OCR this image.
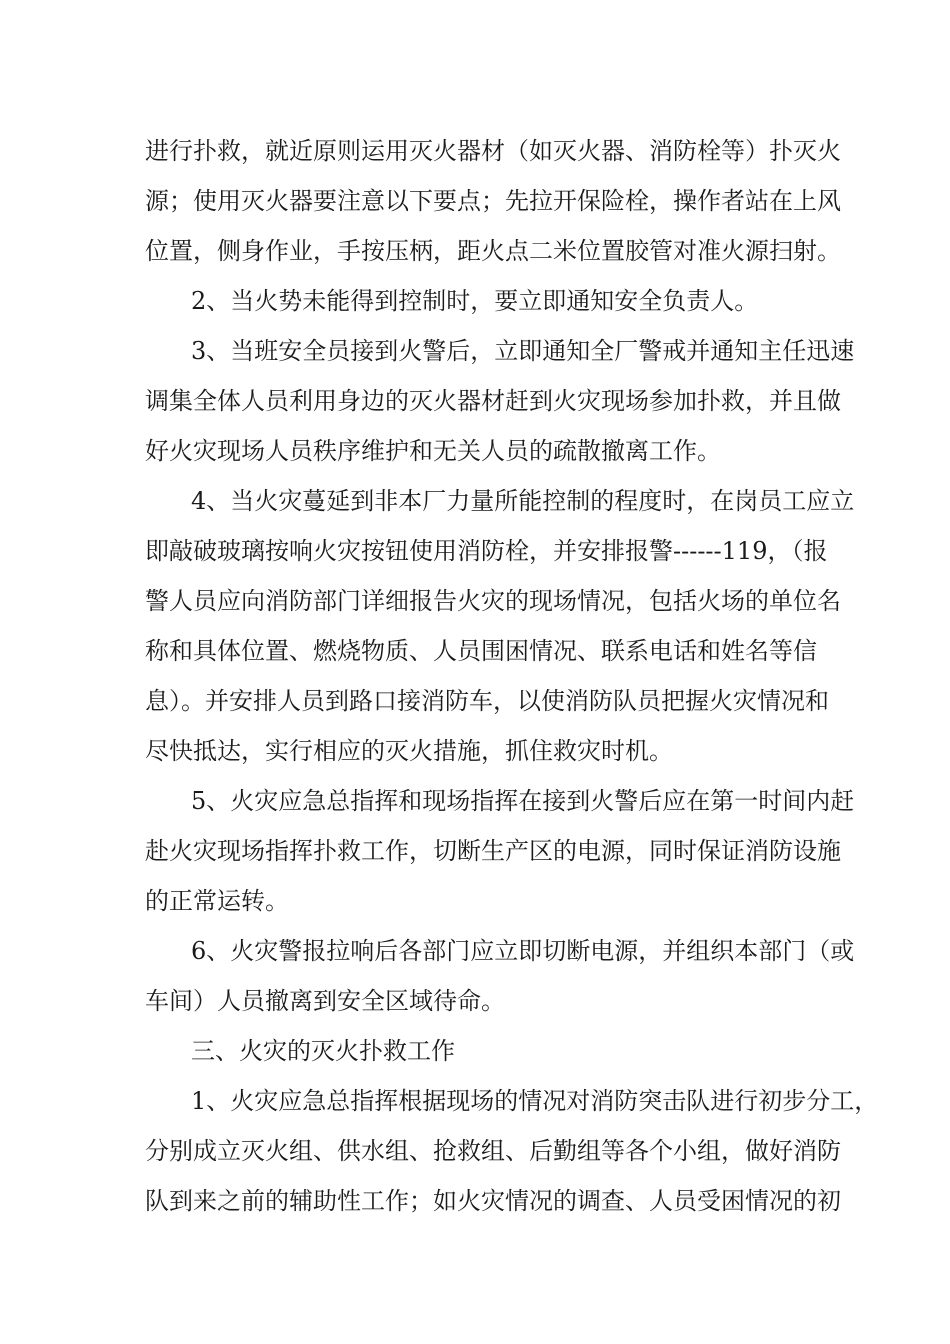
进行扑救，就近原则运用灭火器材（如灭火器、消防栓等）扑灭火
源；使用灭火器要注意以下要点；先拉开保险栓，操作者站在上风
位置，侧身作业，手按压柄，距火点二米位置胶管对准火源扫射。
2、当火势未能得到控制时，要立即通知安全负责人。
3、当班安全员接到火警后，立即通知全厂警戒并通知主任迅速
调集全体人员利用身边的灭火器材赶到火灾现场参加扑救，并且做
好火灾现场人员秩序维护和无关人员的疏散撤离工作。
4、当火灾蔓延到非本厂力量所能控制的程度时，在岗员工应立
即敲破玻璃按响火灾按钮使用消防栓，并安排报警------119，（报
警人员应向消防部门详细报告火灾的现场情况，包括火场的单位名
称和具体位置、燃烧物质、人员围困情况、联系电话和姓名等信
息）。并安排人员到路口接消防车，以使消防队员把握火灾情况和
尽快抵达，实行相应的灭火措施，抓住救灾时机。
5、火灾应急总指挥和现场指挥在接到火警后应在第一时间内赶
赴火灾现场指挥扑救工作，切断生产区的电源，同时保证消防设施
的正常运转。
6、火灾警报拉响后各部门应立即切断电源，并组织本部门（或
车间）人员撤离到安全区域待命。
三、火灾的灭火扑救工作
1、火灾应急总指挥根据现场的情况对消防突击队进行初步分工，
分别成立灭火组、供水组、抢救组、后勤组等各个小组，做好消防
队到来之前的辅助性工作；如火灾情况的调查、人员受困情况的初
